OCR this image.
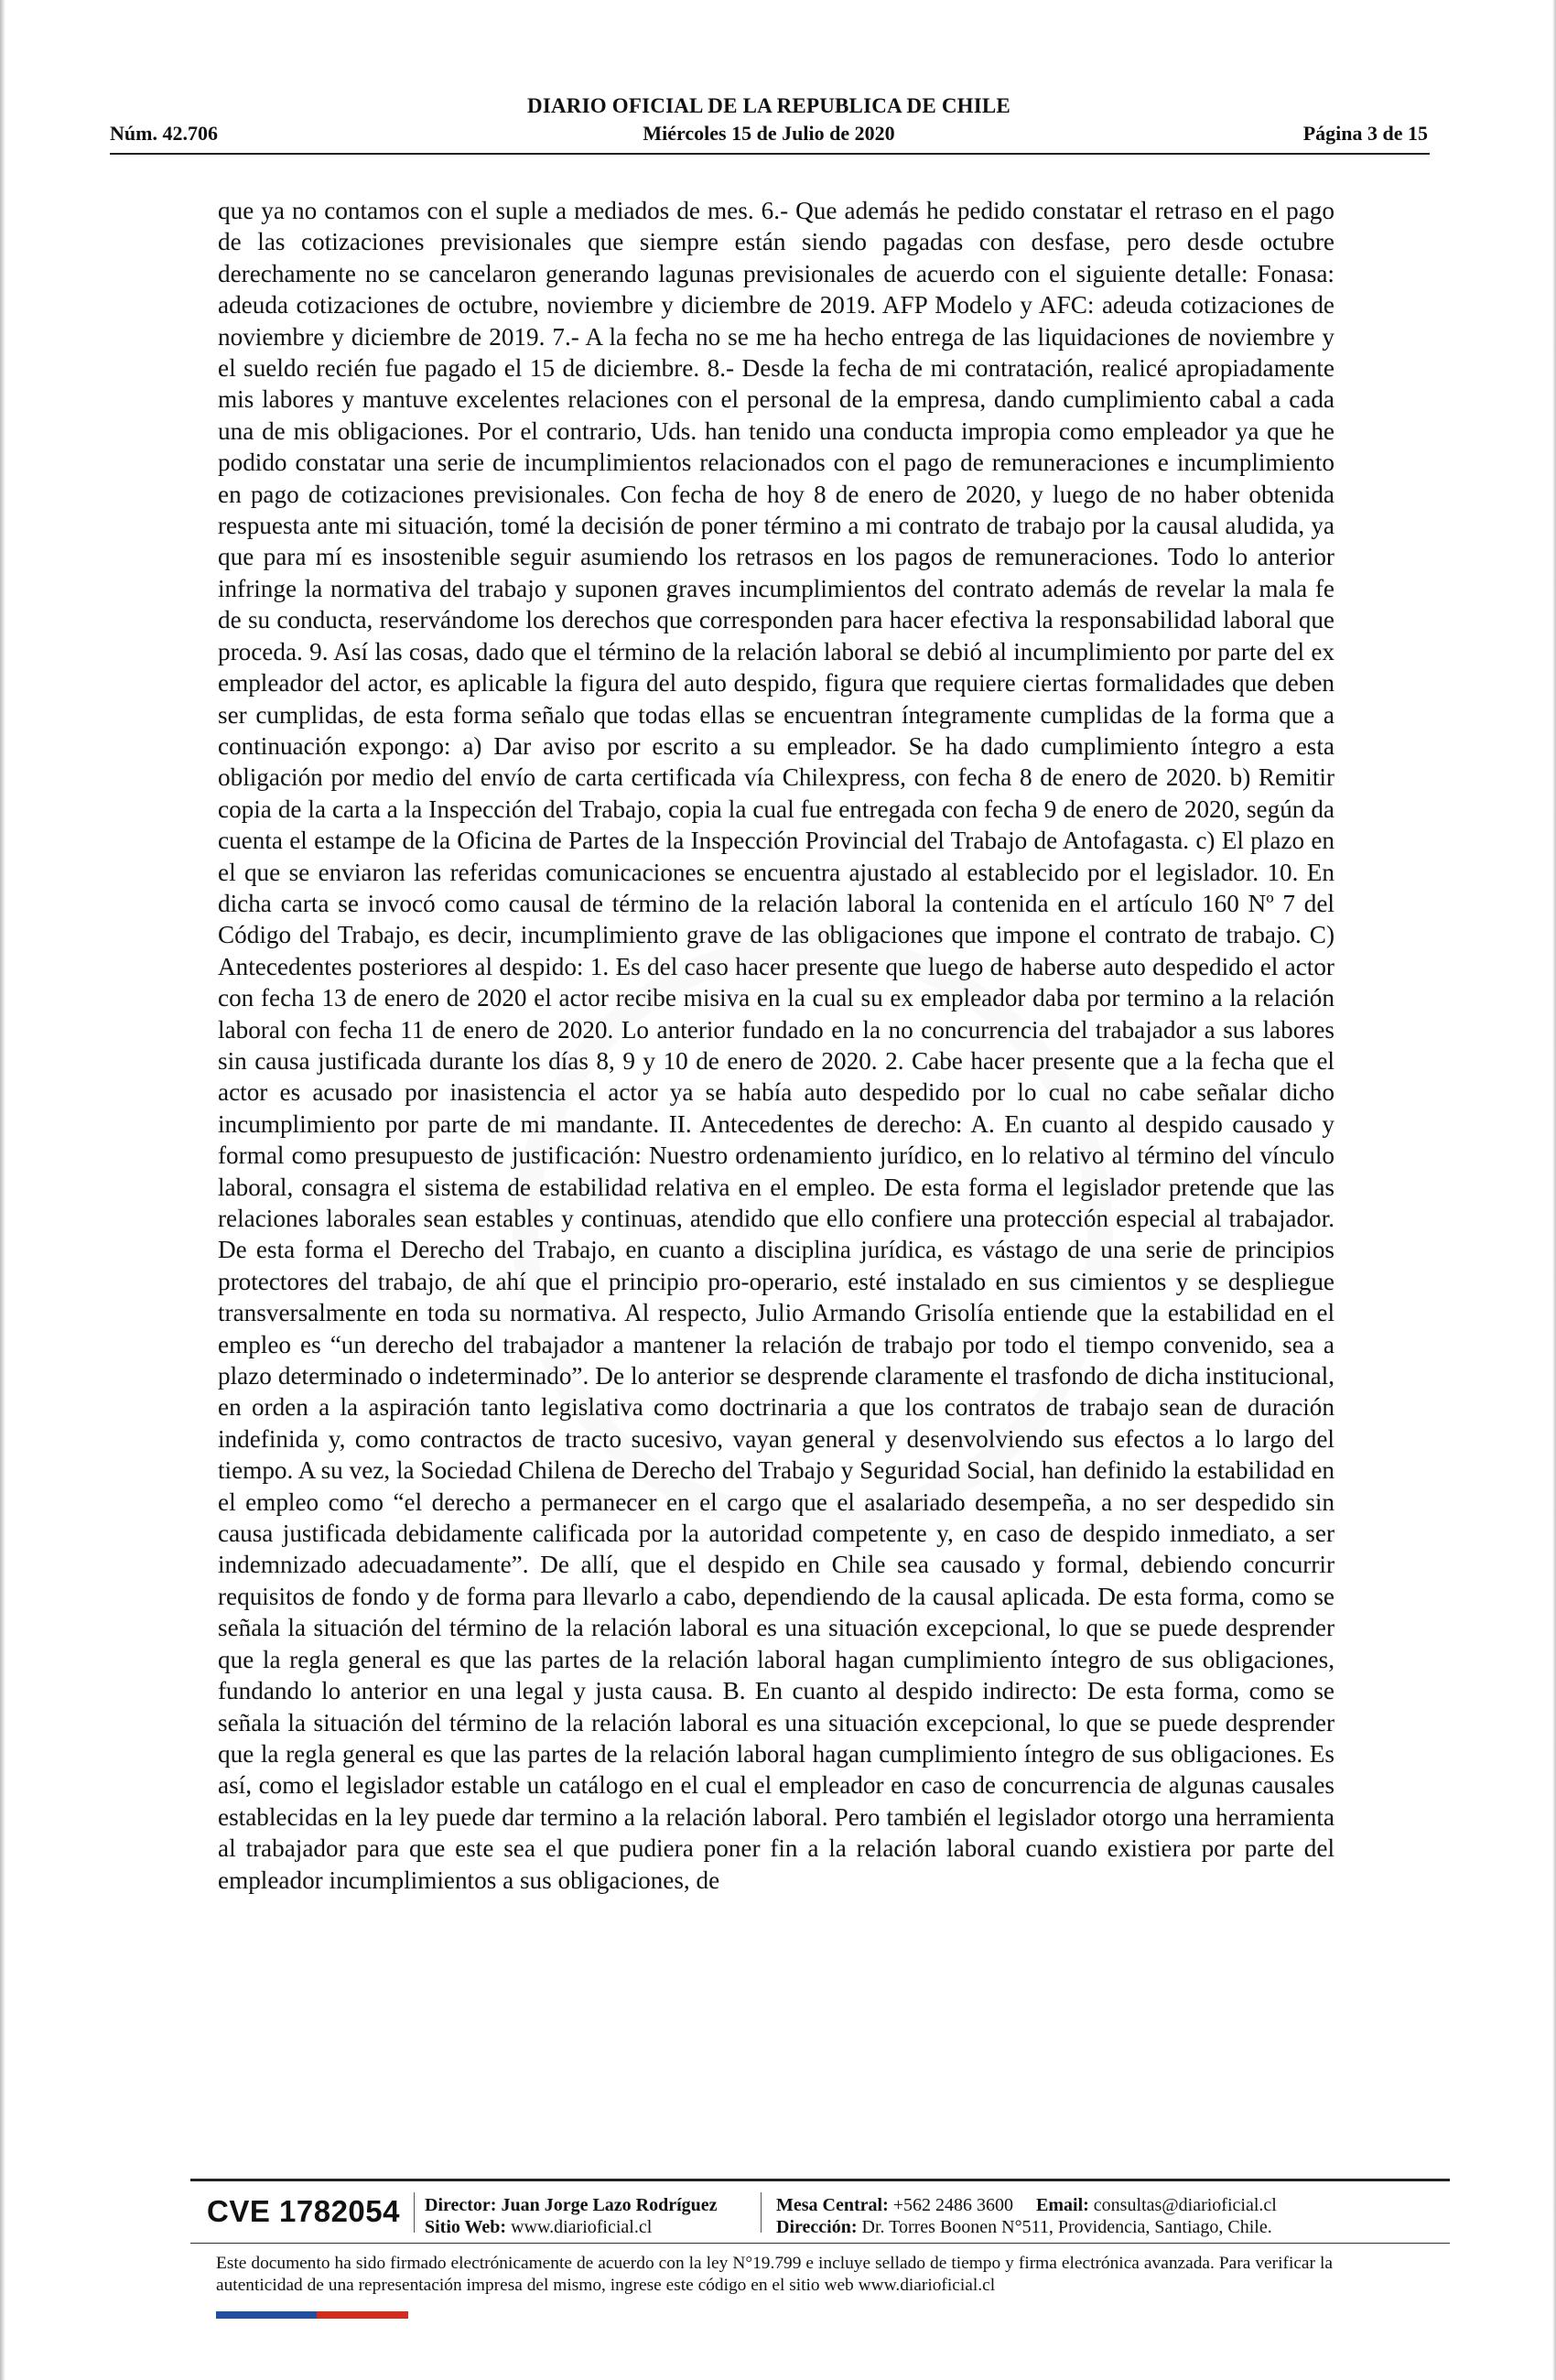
DIARIO OFICIAL DE LA REPUBLICA DE CHILE
Núm. 42.706	Miércoles 15 de Julio de 2020	Página 3 de 15
que ya no contamos con el suple a mediados de mes. 6.- Que además he pedido constatar el retraso en el pago de las cotizaciones previsionales que siempre están siendo pagadas con desfase, pero desde octubre derechamente no se cancelaron generando lagunas previsionales de acuerdo con el siguiente detalle: Fonasa: adeuda cotizaciones de octubre, noviembre y diciembre de 2019. AFP Modelo y AFC: adeuda cotizaciones de noviembre y diciembre de 2019. 7.- A la fecha no se me ha hecho entrega de las liquidaciones de noviembre y el sueldo recién fue pagado el 15 de diciembre. 8.- Desde la fecha de mi contratación, realicé apropiadamente mis labores y mantuve excelentes relaciones con el personal de la empresa, dando cumplimiento cabal a cada una de mis obligaciones. Por el contrario, Uds. han tenido una conducta impropia como empleador ya que he podido constatar una serie de incumplimientos relacionados con el pago de remuneraciones e incumplimiento en pago de cotizaciones previsionales. Con fecha de hoy 8 de enero de 2020, y luego de no haber obtenida respuesta ante mi situación, tomé la decisión de poner término a mi contrato de trabajo por la causal aludida, ya que para mí es insostenible seguir asumiendo los retrasos en los pagos de remuneraciones. Todo lo anterior infringe la normativa del trabajo y suponen graves incumplimientos del contrato además de revelar la mala fe de su conducta, reservándome los derechos que corresponden para hacer efectiva la responsabilidad laboral que proceda. 9. Así las cosas, dado que el término de la relación laboral se debió al incumplimiento por parte del ex empleador del actor, es aplicable la figura del auto despido, figura que requiere ciertas formalidades que deben ser cumplidas, de esta forma señalo que todas ellas se encuentran íntegramente cumplidas de la forma que a continuación expongo: a) Dar aviso por escrito a su empleador. Se ha dado cumplimiento íntegro a esta obligación por medio del envío de carta certificada vía Chilexpress, con fecha 8 de enero de 2020. b) Remitir copia de la carta a la Inspección del Trabajo, copia la cual fue entregada con fecha 9 de enero de 2020, según da cuenta el estampe de la Oficina de Partes de la Inspección Provincial del Trabajo de Antofagasta. c) El plazo en el que se enviaron las referidas comunicaciones se encuentra ajustado al establecido por el legislador. 10. En dicha carta se invocó como causal de término de la relación laboral la contenida en el artículo 160 Nº 7 del Código del Trabajo, es decir, incumplimiento grave de las obligaciones que impone el contrato de trabajo. C) Antecedentes posteriores al despido: 1. Es del caso hacer presente que luego de haberse auto despedido el actor con fecha 13 de enero de 2020 el actor recibe misiva en la cual su ex empleador daba por termino a la relación laboral con fecha 11 de enero de 2020. Lo anterior fundado en la no concurrencia del trabajador a sus labores sin causa justificada durante los días 8, 9 y 10 de enero de 2020. 2. Cabe hacer presente que a la fecha que el actor es acusado por inasistencia el actor ya se había auto despedido por lo cual no cabe señalar dicho incumplimiento por parte de mi mandante. II. Antecedentes de derecho: A. En cuanto al despido causado y formal como presupuesto de justificación: Nuestro ordenamiento jurídico, en lo relativo al término del vínculo laboral, consagra el sistema de estabilidad relativa en el empleo. De esta forma el legislador pretende que las relaciones laborales sean estables y continuas, atendido que ello confiere una protección especial al trabajador. De esta forma el Derecho del Trabajo, en cuanto a disciplina jurídica, es vástago de una serie de principios protectores del trabajo, de ahí que el principio pro-operario, esté instalado en sus cimientos y se despliegue transversalmente en toda su normativa. Al respecto, Julio Armando Grisolía entiende que la estabilidad en el empleo es “un derecho del trabajador a mantener la relación de trabajo por todo el tiempo convenido, sea a plazo determinado o indeterminado”. De lo anterior se desprende claramente el trasfondo de dicha institucional, en orden a la aspiración tanto legislativa como doctrinaria a que los contratos de trabajo sean de duración indefinida y, como contractos de tracto sucesivo, vayan general y desenvolviendo sus efectos a lo largo del tiempo. A su vez, la Sociedad Chilena de Derecho del Trabajo y Seguridad Social, han definido la estabilidad en el empleo como “el derecho a permanecer en el cargo que el asalariado desempeña, a no ser despedido sin causa justificada debidamente calificada por la autoridad competente y, en caso de despido inmediato, a ser indemnizado adecuadamente”. De allí, que el despido en Chile sea causado y formal, debiendo concurrir requisitos de fondo y de forma para llevarlo a cabo, dependiendo de la causal aplicada. De esta forma, como se señala la situación del término de la relación laboral es una situación excepcional, lo que se puede desprender que la regla general es que las partes de la relación laboral hagan cumplimiento íntegro de sus obligaciones, fundando lo anterior en una legal y justa causa. B. En cuanto al despido indirecto: De esta forma, como se señala la situación del término de la relación laboral es una situación excepcional, lo que se puede desprender que la regla general es que las partes de la relación laboral hagan cumplimiento íntegro de sus obligaciones. Es así, como el legislador estable un catálogo en el cual el empleador en caso de concurrencia de algunas causales establecidas en la ley puede dar termino a la relación laboral. Pero también el legislador otorgo una herramienta al trabajador para que este sea el que pudiera poner fin a la relación laboral cuando existiera por parte del empleador incumplimientos a sus obligaciones, de
CVE 1782054 Director: Juan Jorge Lazo Rodríguez
Sitio Web: www.diarioficial.cl
Mesa Central: +562 2486 3600 Email: consultas@diarioficial.cl
Dirección: Dr. Torres Boonen N°511, Providencia, Santiago, Chile.
Este documento ha sido firmado electrónicamente de acuerdo con la ley N°19.799 e incluye sellado de tiempo y firma electrónica avanzada. Para verificar la autenticidad de una representación impresa del mismo, ingrese este código en el sitio web www.diarioficial.cl
